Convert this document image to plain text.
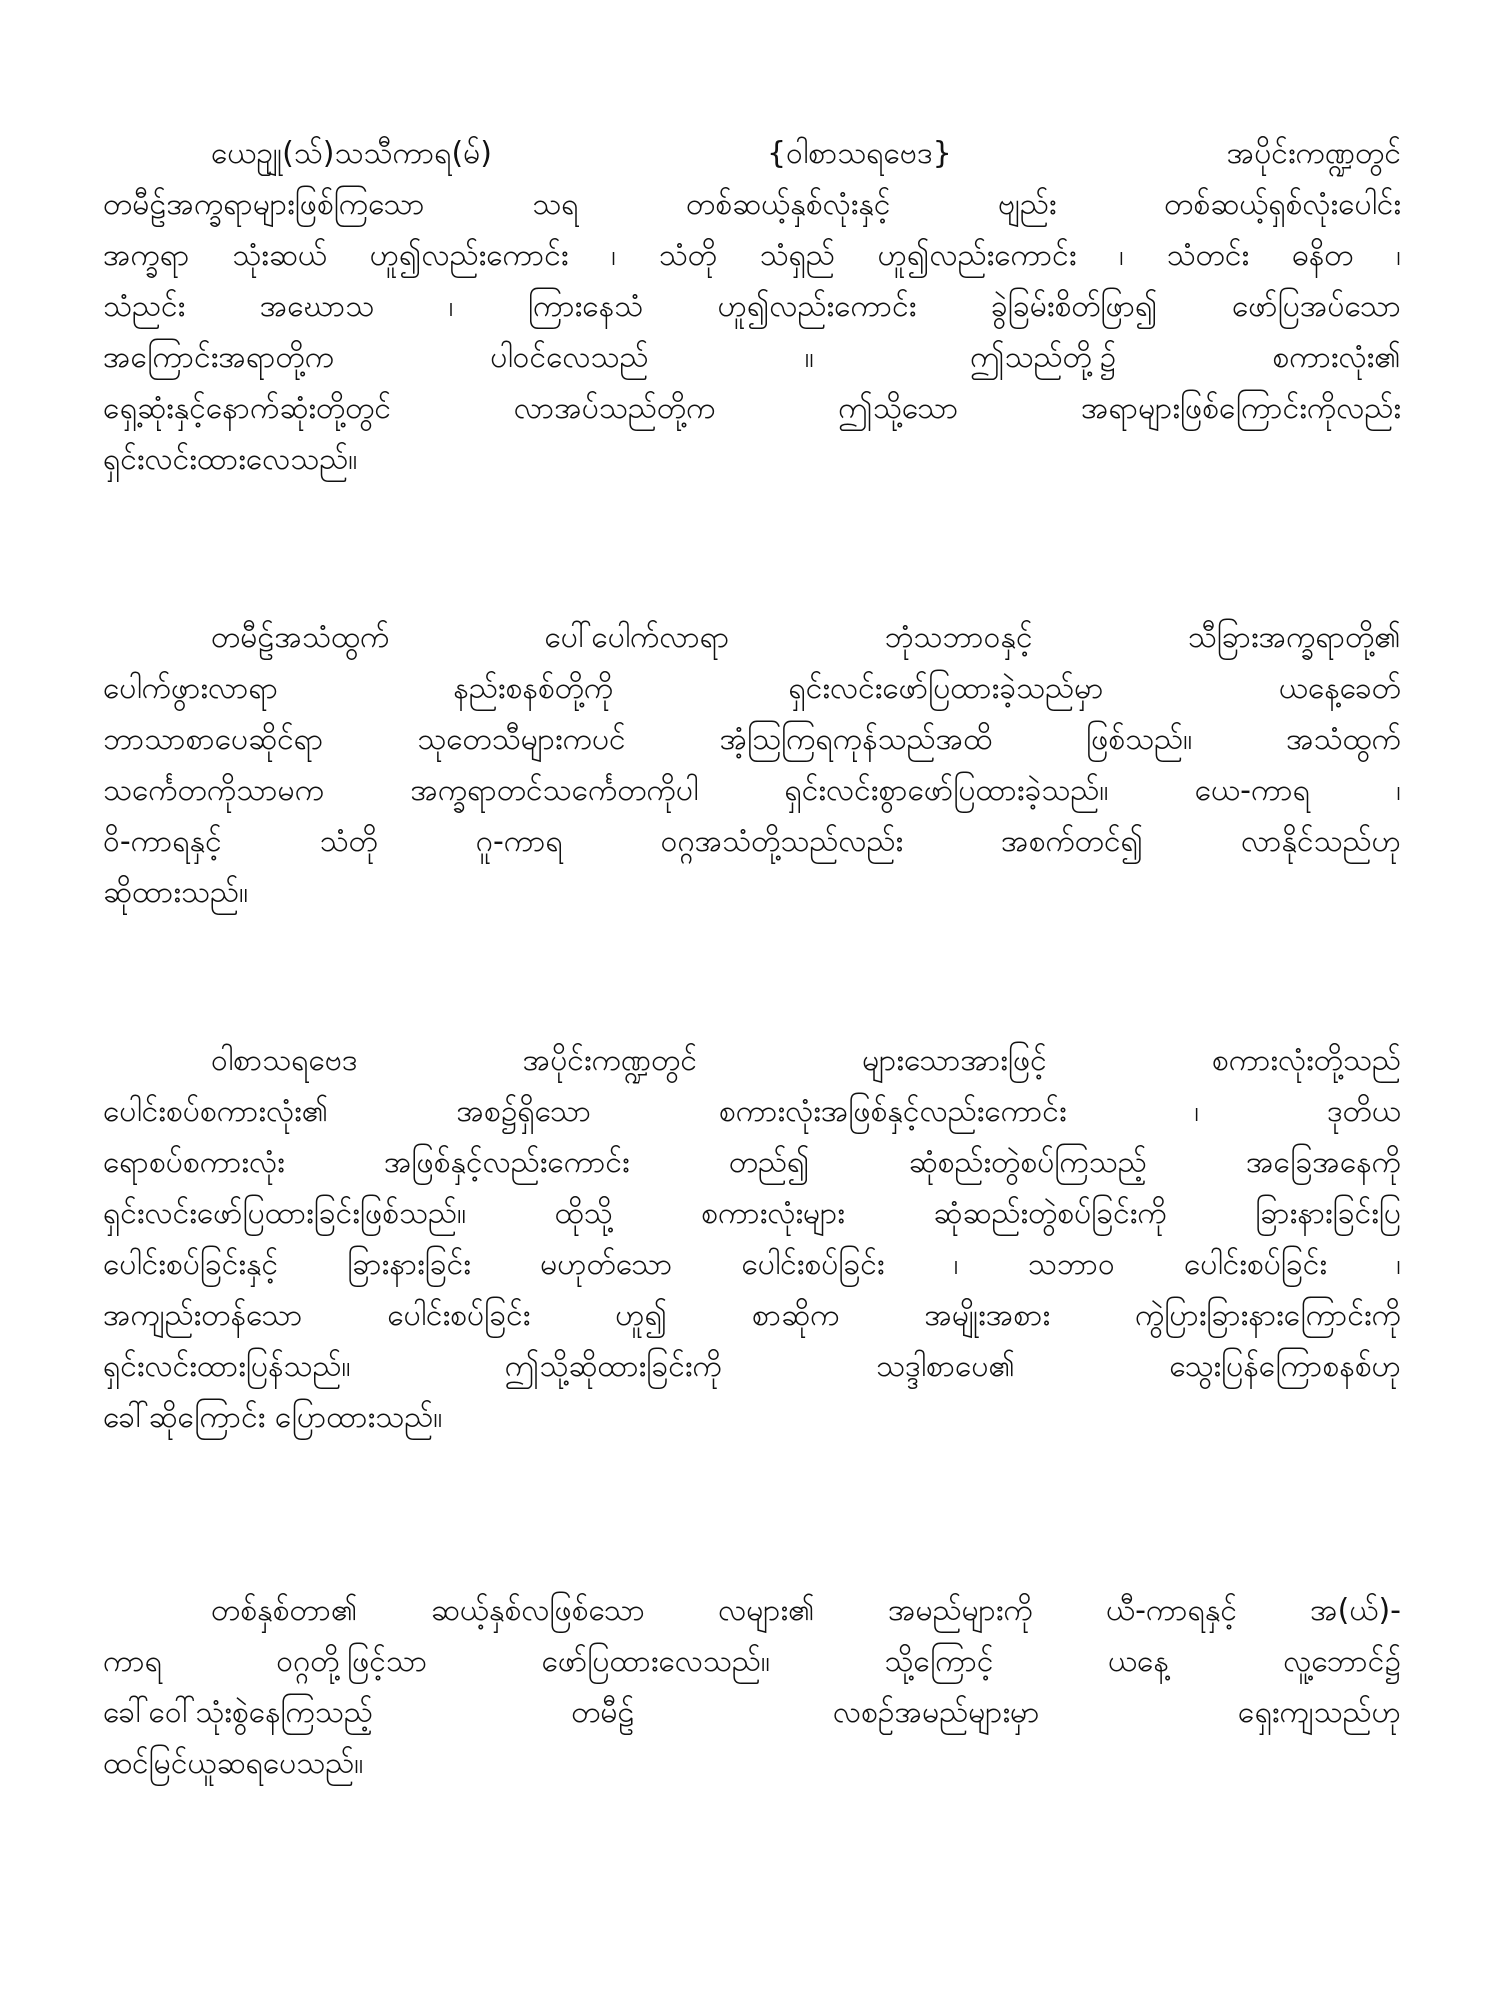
ယေဥျု(သ်)သသီကာရ(မ်) {ဝါစာသရဗေဒ} အပိုင်းကဏ္ဍတွင်
တမီဠ်အက္ခရာများဖြစ်ကြသော သရ တစ်ဆယ့်နှစ်လုံးနှင့် ဗျည်း တစ်ဆယ့်ရှစ်လုံးပေါင်း
အက္ခရာ သုံးဆယ် ဟူ၍လည်းကောင်း ၊ သံတို သံရှည် ဟူ၍လည်းကောင်း ၊ သံတင်း ဓနိတ ၊
သံညင်း အဃောသ ၊ ကြားနေသံ ဟူ၍လည်းကောင်း ခွဲခြမ်းစိတ်ဖြာ၍ ဖော်ပြအပ်သော
အကြောင်းအရာတို့က ပါဝင်လေသည် ။ ဤသည်တို့၌ စကားလုံး၏
ရှေ့ဆုံးနှင့်နောက်ဆုံးတို့တွင် လာအပ်သည်တို့က ဤသို့သော အရာများဖြစ်ကြောင်းကိုလည်း
ရှင်းလင်းထားလေသည်။
တမီဠ်အသံထွက် ပေါ်ပေါက်လာရာ ဘုံသဘာဝနှင့် သီခြားအက္ခရာတို့၏
ပေါက်ဖွားလာရာ နည်းစနစ်တို့ကို ရှင်းလင်းဖော်ပြထားခဲ့သည်မှာ ယနေ့ခေတ်
ဘာသာစာပေဆိုင်ရာ သုတေသီများကပင် အံ့သြကြရကုန်သည်အထိ ဖြစ်သည်။ အသံထွက်
သင်္ကေတကိုသာမက အက္ခရာတင်သင်္ကေတကိုပါ ရှင်းလင်းစွာဖော်ပြထားခဲ့သည်။ ယေ-ကာရ ၊
ဝိ-ကာရနှင့် သံတို ဂူ-ကာရ ဝဂ္ဂအသံတို့သည်လည်း အစက်တင်၍ လာနိုင်သည်ဟု
ဆိုထားသည်။
ဝါစာသရဗေဒ အပိုင်းကဏ္ဍတွင် များသောအားဖြင့် စကားလုံးတို့သည်
ပေါင်းစပ်စကားလုံး၏ အစ၌ရှိသော စကားလုံးအဖြစ်နှင့်လည်းကောင်း ၊ ဒုတိယ
ရောစပ်စကားလုံး အဖြစ်နှင့်လည်းကောင်း တည်၍ ဆုံစည်းတွဲစပ်ကြသည့် အခြေအနေကို
ရှင်းလင်းဖော်ပြထားခြင်းဖြစ်သည်။ ထိုသို့ စကားလုံးများ ဆုံဆည်းတွဲစပ်ခြင်းကို ခြားနားခြင်းပြ
ပေါင်းစပ်ခြင်းနှင့် ခြားနားခြင်း မဟုတ်သော ပေါင်းစပ်ခြင်း ၊ သဘာဝ ပေါင်းစပ်ခြင်း ၊
အကျည်းတန်သော ပေါင်းစပ်ခြင်း ဟူ၍ စာဆိုက အမျိုးအစား ကွဲပြားခြားနားကြောင်းကို
ရှင်းလင်းထားပြန်သည်။ ဤသို့ဆိုထားခြင်းကို သဒ္ဒါစာပေ၏ သွေးပြန်ကြောစနစ်ဟု
ခေါ်ဆိုကြောင်း ပြောထားသည်။
တစ်နှစ်တာ၏ ဆယ့်နှစ်လဖြစ်သော လများ၏ အမည်များကို ယီ-ကာရနှင့် အ(ယ်)-
ကာရ ဝဂ္ဂတို့ဖြင့်သာ ဖော်ပြထားလေသည်။ သို့ကြောင့် ယနေ့ လူ့ဘောင်၌
ခေါ်ဝေါ်သုံးစွဲနေကြသည့် တမီဠ် လစဉ်အမည်များမှာ ရှေးကျသည်ဟု
ထင်မြင်ယူဆရပေသည်။
